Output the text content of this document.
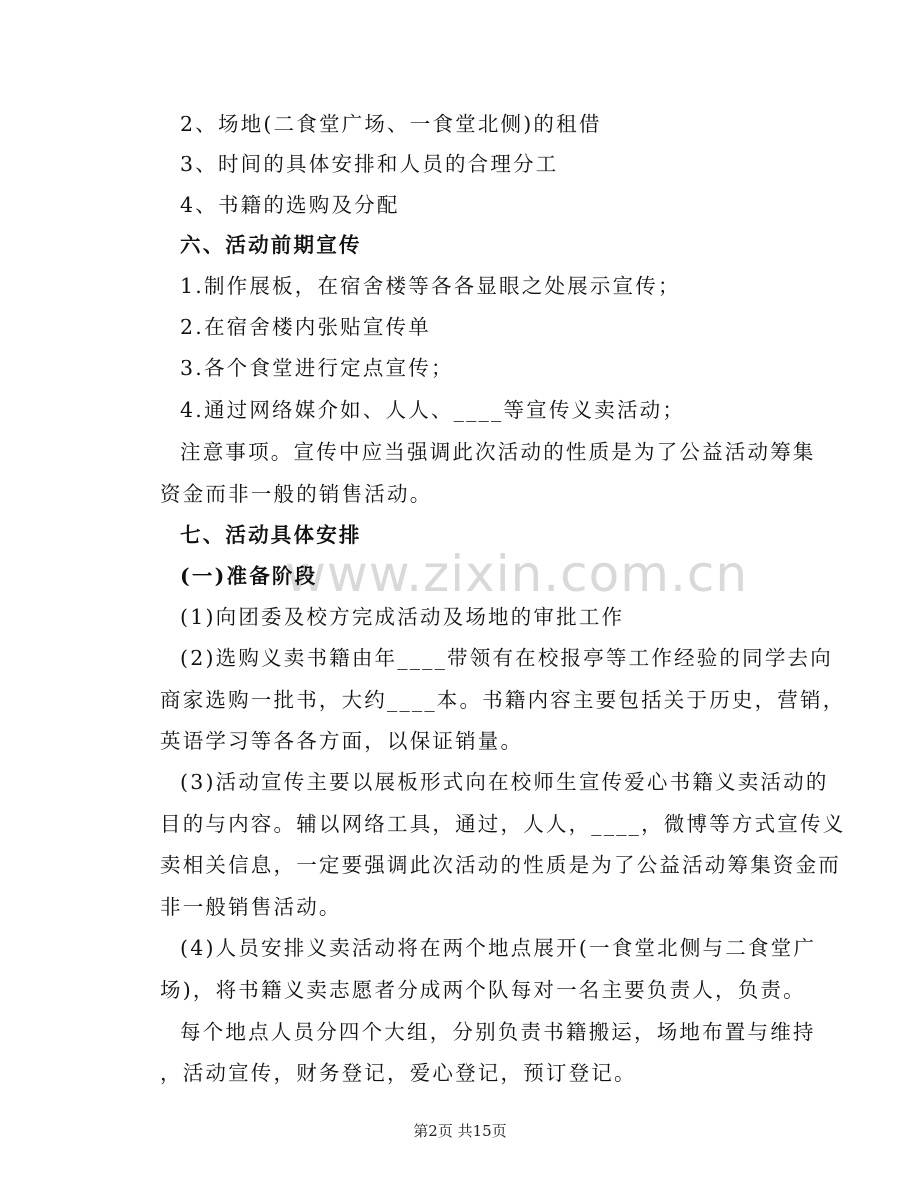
www.zixin.com.cn
2、场地(二食堂广场、一食堂北侧)的租借
3、时间的具体安排和人员的合理分工
4、书籍的选购及分配
六、活动前期宣传
1.制作展板，在宿舍楼等各各显眼之处展示宣传；
2.在宿舍楼内张贴宣传单
3.各个食堂进行定点宣传；
4.通过网络媒介如、人人、____等宣传义卖活动；
注意事项。宣传中应当强调此次活动的性质是为了公益活动筹集
资金而非一般的销售活动。
七、活动具体安排
(一)准备阶段
(1)向团委及校方完成活动及场地的审批工作
(2)选购义卖书籍由年____带领有在校报亭等工作经验的同学去向
商家选购一批书，大约____本。书籍内容主要包括关于历史，营销，
英语学习等各各方面，以保证销量。
(3)活动宣传主要以展板形式向在校师生宣传爱心书籍义卖活动的
目的与内容。辅以网络工具，通过，人人，____，微博等方式宣传义
卖相关信息，一定要强调此次活动的性质是为了公益活动筹集资金而
非一般销售活动。
(4)人员安排义卖活动将在两个地点展开(一食堂北侧与二食堂广
场)，将书籍义卖志愿者分成两个队每对一名主要负责人，负责。
每个地点人员分四个大组，分别负责书籍搬运，场地布置与维持
，活动宣传，财务登记，爱心登记，预订登记。
第2页 共15页
